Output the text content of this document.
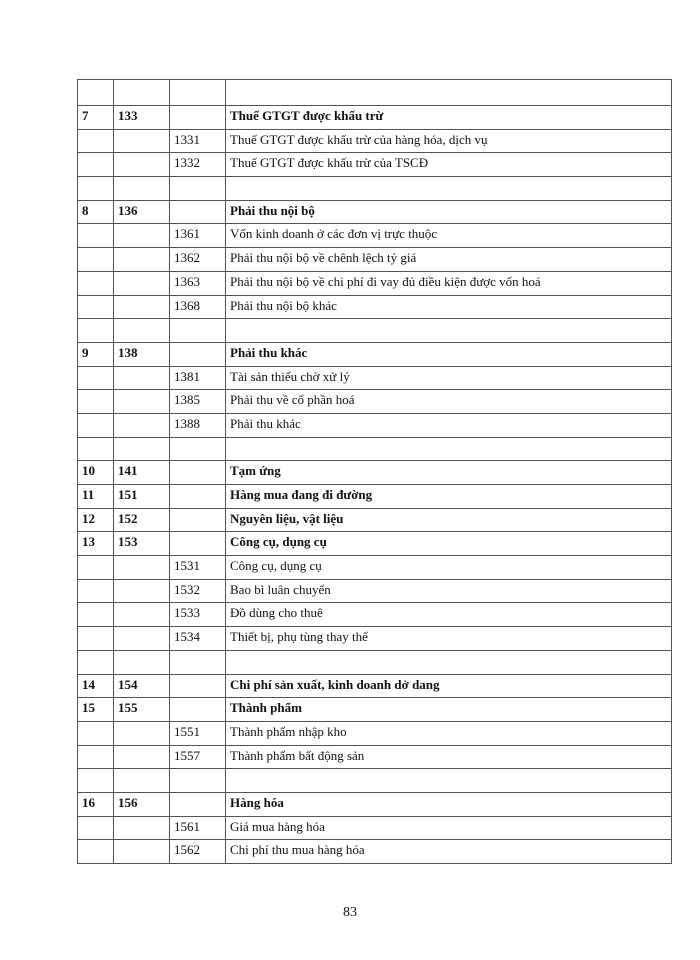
7	133		Thuế GTGT được khấu trừ
		1331	Thuế GTGT được khấu trừ của hàng hóa, dịch vụ
		1332	Thuế GTGT được khấu trừ của TSCĐ

8	136		Phải thu nội bộ
		1361	Vốn kinh doanh ở các đơn vị trực thuộc
		1362	Phải thu nội bộ về chênh lệch tỷ giá
		1363	Phải thu nội bộ về chi phí đi vay đủ điều kiện được vốn hoá
		1368	Phải thu nội bộ khác

9	138		Phải thu khác
		1381	Tài sản thiếu chờ xử lý
		1385	Phải thu về cổ phần hoá
		1388	Phải thu khác

10	141		Tạm ứng
11	151		Hàng mua đang đi đường
12	152		Nguyên liệu, vật liệu
13	153		Công cụ, dụng cụ
		1531	Công cụ, dụng cụ
		1532	Bao bì luân chuyển
		1533	Đồ dùng cho thuê
		1534	Thiết bị, phụ tùng thay thế

14	154		Chi phí sản xuất, kinh doanh dở dang
15	155		Thành phẩm
		1551	Thành phẩm nhập kho
		1557	Thành phẩm bất động sản

16	156		Hàng hóa
		1561	Giá mua hàng hóa
		1562	Chi phí thu mua hàng hóa
83
